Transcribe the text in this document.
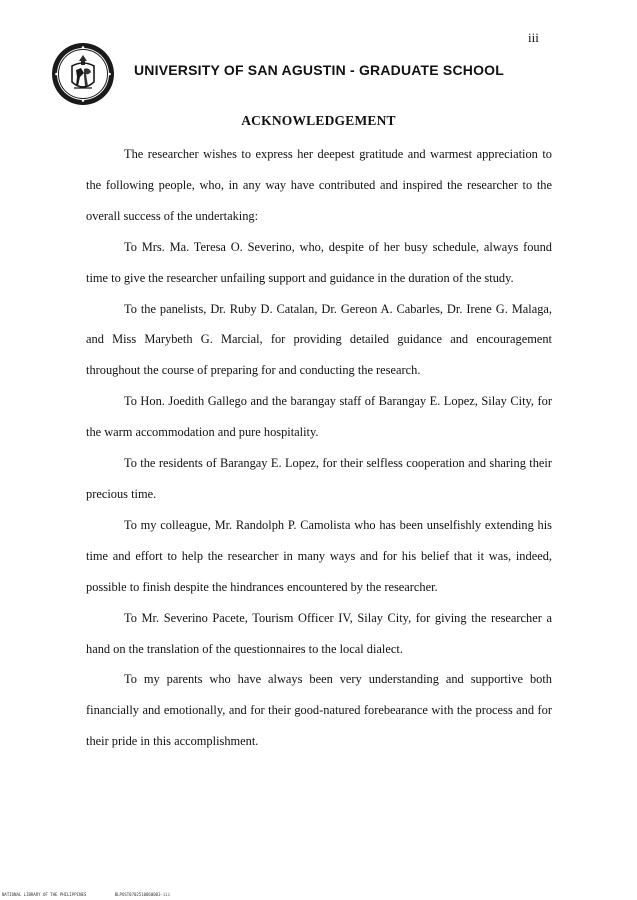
iii
UNIVERSITY OF SAN AGUSTIN - GRADUATE SCHOOL
ACKNOWLEDGEMENT

The researcher wishes to express her deepest gratitude and warmest appreciation to the following people, who, in any way have contributed and inspired the researcher to the overall success of the undertaking:

To Mrs. Ma. Teresa O. Severino, who, despite of her busy schedule, always found time to give the researcher unfailing support and guidance in the duration of the study.

To the panelists, Dr. Ruby D. Catalan, Dr. Gereon A. Cabarles, Dr. Irene G. Malaga, and Miss Marybeth G. Marcial, for providing detailed guidance and encouragement throughout the course of preparing for and conducting the research.

To Hon. Joedith Gallego and the barangay staff of Barangay E. Lopez, Silay City, for the warm accommodation and pure hospitality.

To the residents of Barangay E. Lopez, for their selfless cooperation and sharing their precious time.

To my colleague, Mr. Randolph P. Camolista who has been unselfishly extending his time and effort to help the researcher in many ways and for his belief that it was, indeed, possible to finish despite the hindrances encountered by the researcher.

To Mr. Severino Pacete, Tourism Officer IV, Silay City, for giving the researcher a hand on the translation of the questionnaires to the local dialect.

To my parents who have always been very understanding and supportive both financially and emotionally, and for their good-natured forebearance with the process and for their pride in this accomplishment.

NATIONAL LIBRARY OF THE PHILIPPINES	BLPOST0702510060003-iii
